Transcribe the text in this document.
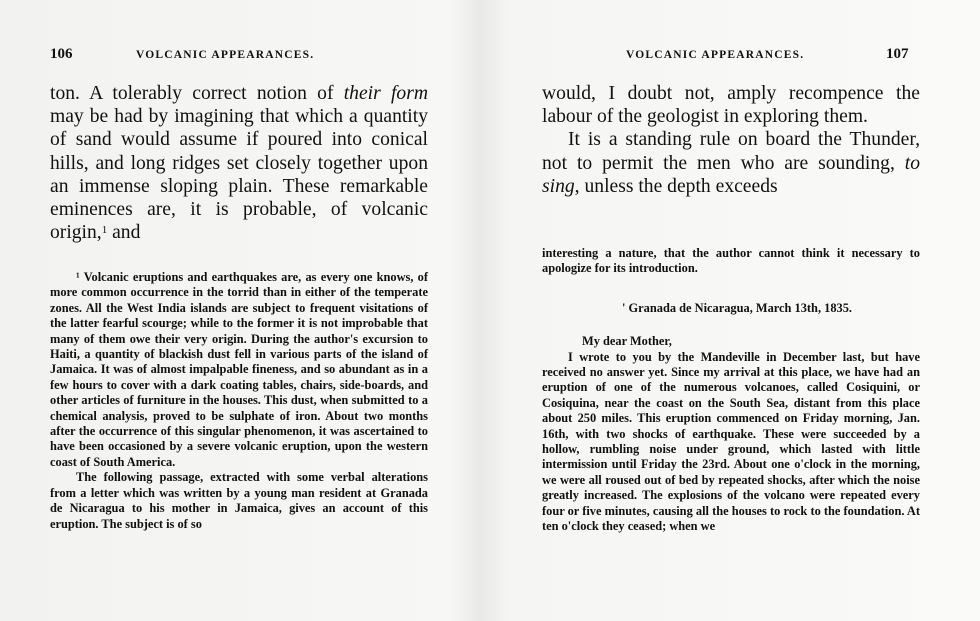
106	VOLCANIC APPEARANCES.

ton. A tolerably correct notion of their form may be had by imagining that which a quantity of sand would assume if poured into conical hills, and long ridges set closely together upon an immense sloping plain. These remarkable eminences are, it is probable, of volcanic origin,$^1$ and

¹ Volcanic eruptions and earthquakes are, as every one knows, of more common occurrence in the torrid than in either of the temperate zones. All the West India islands are subject to frequent visitations of the latter fearful scourge; while to the former it is not improbable that many of them owe their very origin. During the author's excursion to Haiti, a quantity of blackish dust fell in various parts of the island of Jamaica. It was of almost impalpable fineness, and so abundant as in a few hours to cover with a dark coating tables, chairs, side-boards, and other articles of furniture in the houses. This dust, when submitted to a chemical analysis, proved to be sulphate of iron. About two months after the occurrence of this singular phenomenon, it was ascertained to have been occasioned by a severe volcanic eruption, upon the western coast of South America.

The following passage, extracted with some verbal alterations from a letter which was written by a young man resident at Granada de Nicaragua to his mother in Jamaica, gives an account of this eruption. The subject is of so

VOLCANIC APPEARANCES.	107

would, I doubt not, amply recompence the labour of the geologist in exploring them.

It is a standing rule on board the Thunder, not to permit the men who are sounding, to sing, unless the depth exceeds

interesting a nature, that the author cannot think it necessary to apologize for its introduction.

' Granada de Nicaragua, March 13th, 1835.

My dear Mother,

I wrote to you by the Mandeville in December last, but have received no answer yet. Since my arrival at this place, we have had an eruption of one of the numerous volcanoes, called Cosiquini, or Cosiquina, near the coast on the South Sea, distant from this place about 250 miles. This eruption commenced on Friday morning, Jan. 16th, with two shocks of earthquake. These were succeeded by a hollow, rumbling noise under ground, which lasted with little intermission until Friday the 23rd. About one o'clock in the morning, we were all roused out of bed by repeated shocks, after which the noise greatly increased. The explosions of the volcano were repeated every four or five minutes, causing all the houses to rock to the foundation. At ten o'clock they ceased; when we
